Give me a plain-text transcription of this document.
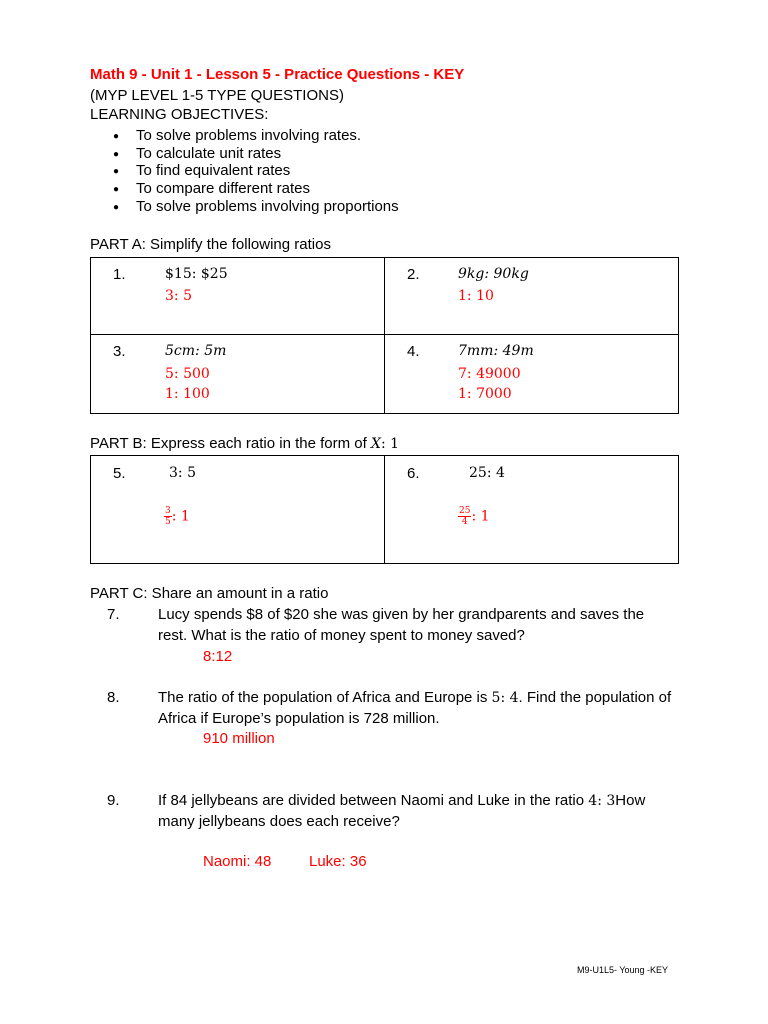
Math 9 - Unit 1 - Lesson 5 - Practice Questions - KEY
(MYP LEVEL 1-5 TYPE QUESTIONS)
LEARNING OBJECTIVES:
● To solve problems involving rates.
● To calculate unit rates
● To find equivalent rates
● To compare different rates
● To solve problems involving proportions
PART A: Simplify the following ratios
1.	$15: $25
3: 5
2.	9kg: 90kg
1: 10
3.	5cm: 5m
5: 500
1: 100
4.	7mm: 49m
7: 49000
1: 7000
PART B: Express each ratio in the form of X: 1
5.	3: 5
$\frac{3}{5}$ : 1
6.	25: 4
$\frac{25}{4}$ : 1
PART C: Share an amount in a ratio
7.	Lucy spends $8 of $20 she was given by her grandparents and saves the
rest. What is the ratio of money spent to money saved?
8:12
8.	The ratio of the population of Africa and Europe is 5: 4. Find the population of
Africa if Europe’s population is 728 million.
910 million
9.	If 84 jellybeans are divided between Naomi and Luke in the ratio 4: 3How
many jellybeans does each receive?
Naomi: 48	Luke: 36
M9-U1L5- Young -KEY
